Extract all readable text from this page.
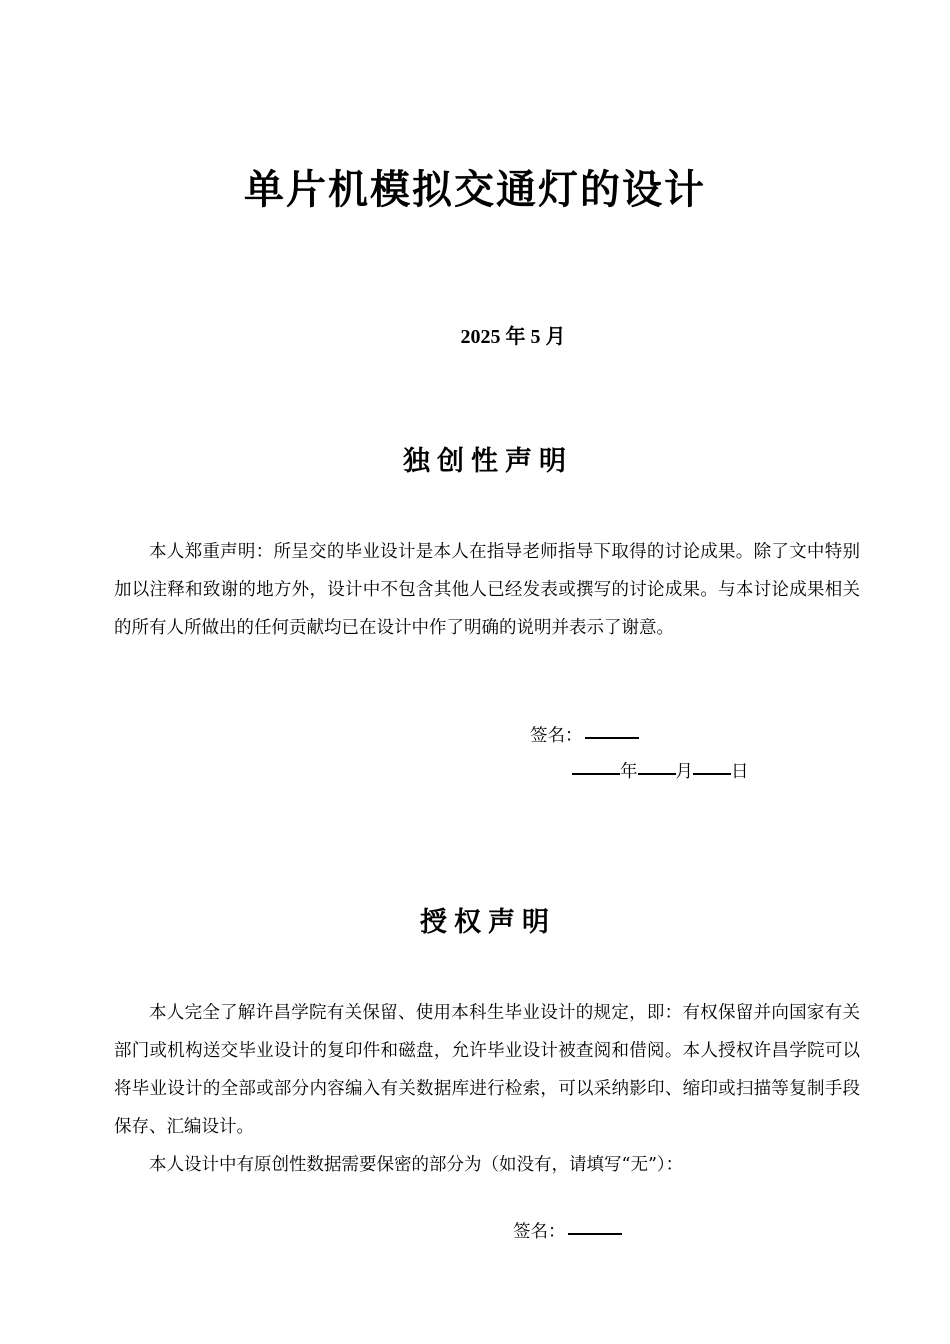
单片机模拟交通灯的设计
2025 年 5 月
独创性声明

本人郑重声明：所呈交的毕业设计是本人在指导老师指导下取得的讨论成果。除了文中特别加以注释和致谢的地方外，设计中不包含其他人已经发表或撰写的讨论成果。与本讨论成果相关的所有人所做出的任何贡献均已在设计中作了明确的说明并表示了谢意。

签名：
年 月 日
授权声明

本人完全了解许昌学院有关保留、使用本科生毕业设计的规定，即：有权保留并向国家有关部门或机构送交毕业设计的复印件和磁盘，允许毕业设计被查阅和借阅。本人授权许昌学院可以将毕业设计的全部或部分内容编入有关数据库进行检索，可以采纳影印、缩印或扫描等复制手段保存、汇编设计。

本人设计中有原创性数据需要保密的部分为（如没有，请填写“无”）：

签名：
